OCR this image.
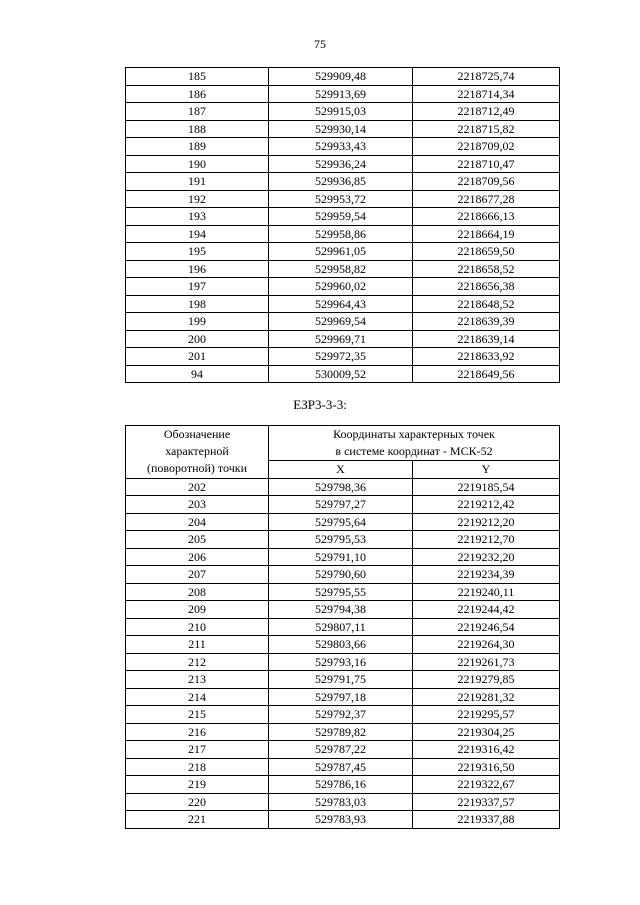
75
185	529909,48	2218725,74
186	529913,69	2218714,34
187	529915,03	2218712,49
188	529930,14	2218715,82
189	529933,43	2218709,02
190	529936,24	2218710,47
191	529936,85	2218709,56
192	529953,72	2218677,28
193	529959,54	2218666,13
194	529958,86	2218664,19
195	529961,05	2218659,50
196	529958,82	2218658,52
197	529960,02	2218656,38
198	529964,43	2218648,52
199	529969,54	2218639,39
200	529969,71	2218639,14
201	529972,35	2218633,92
94	530009,52	2218649,56
ЕЗР3-3-3:
Обозначение
характерной
(поворотной) точки	Координаты характерных точек
в системе координат - МСК-52	

	X	Y
202	529798,36	2219185,54
203	529797,27	2219212,42
204	529795,64	2219212,20
205	529795,53	2219212,70
206	529791,10	2219232,20
207	529790,60	2219234,39
208	529795,55	2219240,11
209	529794,38	2219244,42
210	529807,11	2219246,54
211	529803,66	2219264,30
212	529793,16	2219261,73
213	529791,75	2219279,85
214	529797,18	2219281,32
215	529792,37	2219295,57
216	529789,82	2219304,25
217	529787,22	2219316,42
218	529787,45	2219316,50
219	529786,16	2219322,67
220	529783,03	2219337,57
221	529783,93	2219337,88
